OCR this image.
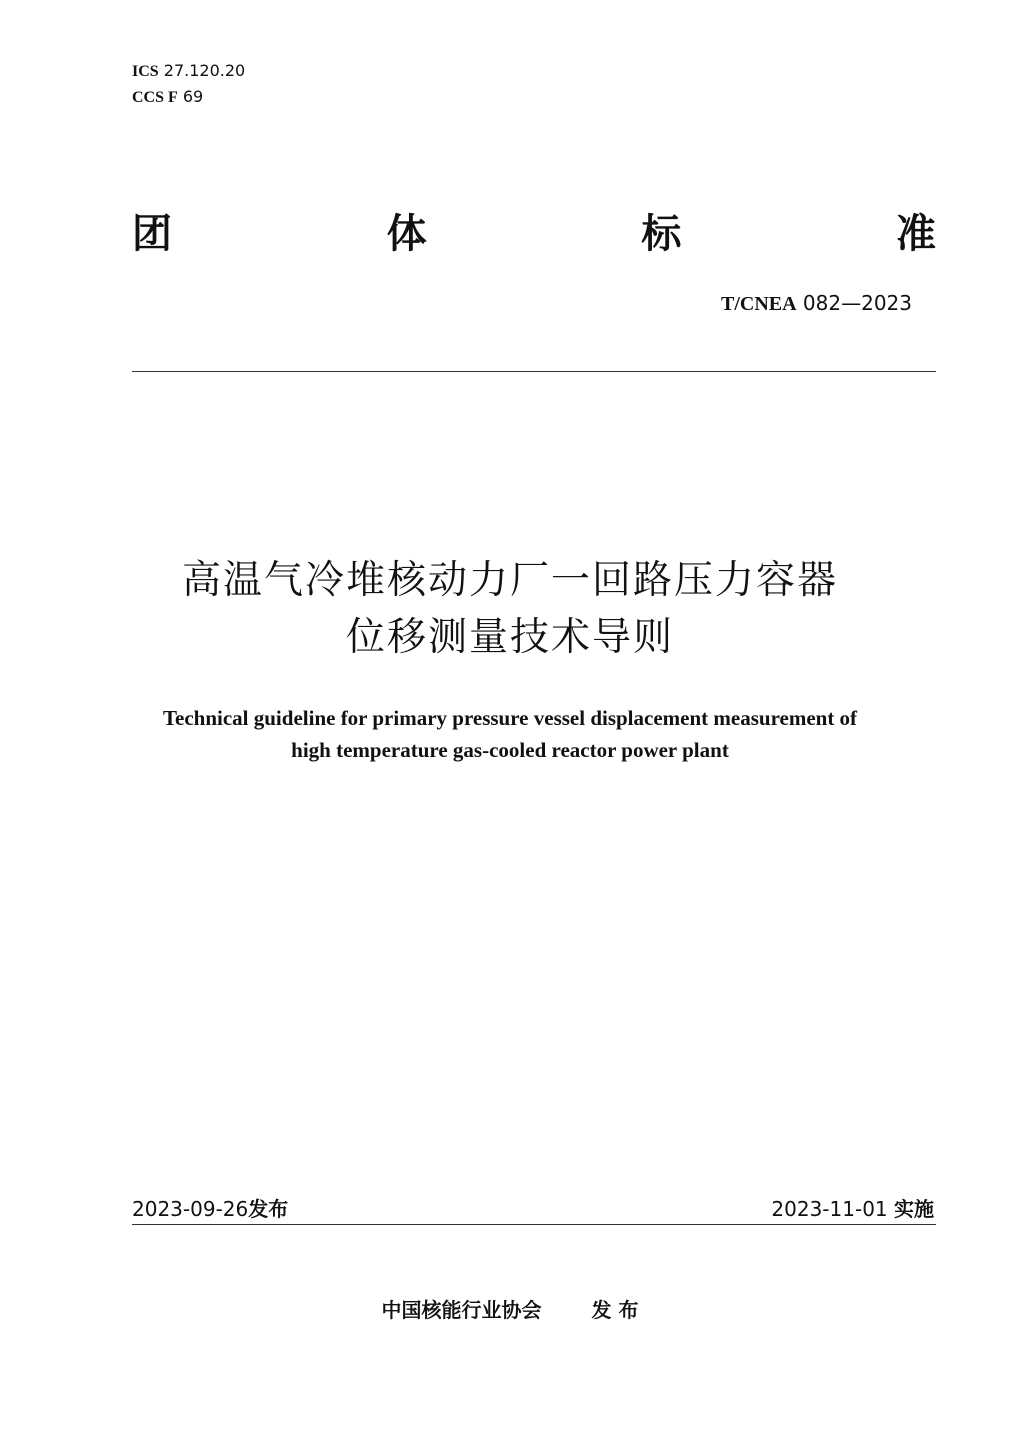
ICS 27.120.20
CCS F 69
团	体	标	准
T/CNEA 082—2023
高温气冷堆核动力厂一回路压力容器
位移测量技术导则
Technical guideline for primary pressure vessel displacement measurement of
high temperature gas-cooled reactor power plant
2023-09-26发布	2023-11-01 实施
中国核能行业协会	发 布
